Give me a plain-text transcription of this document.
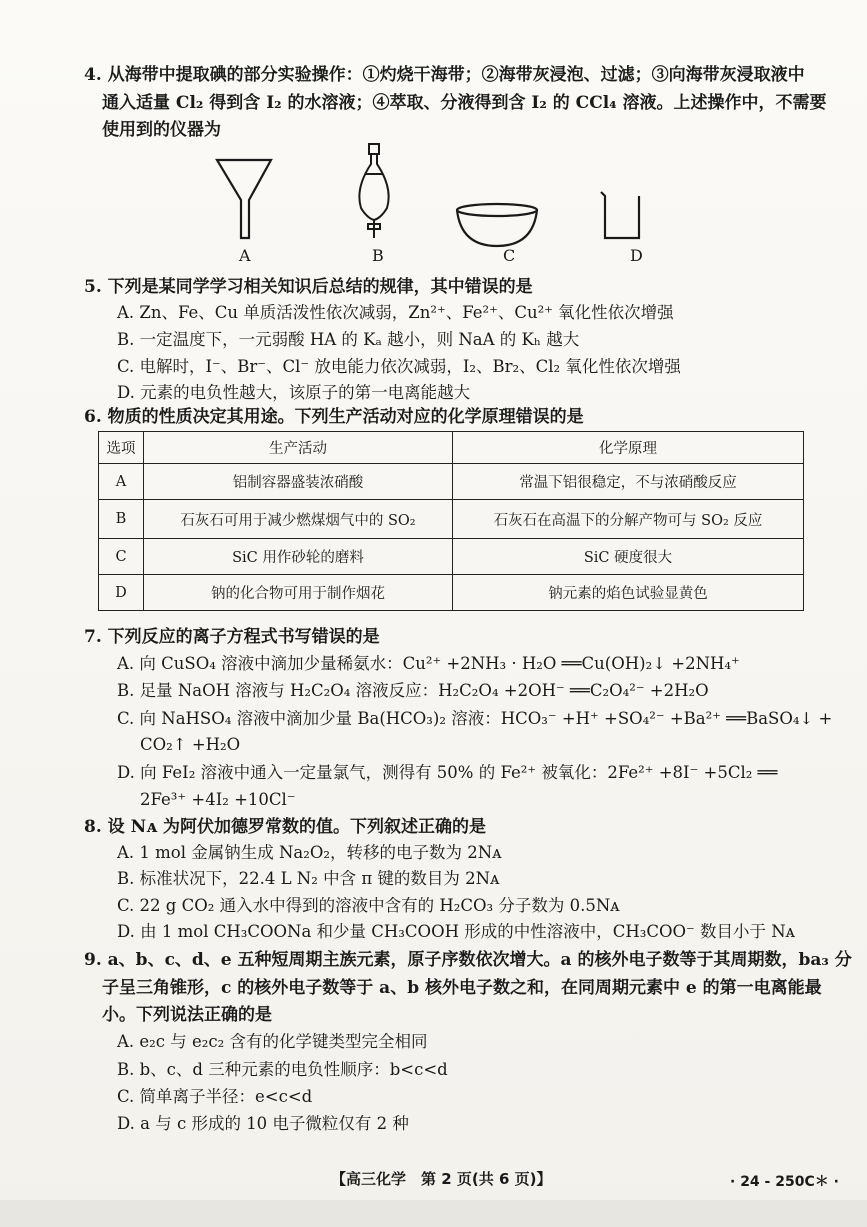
4. 从海带中提取碘的部分实验操作：①灼烧干海带；②海带灰浸泡、过滤；③向海带灰浸取液中
通入适量 Cl₂ 得到含 I₂ 的水溶液；④萃取、分液得到含 I₂ 的 CCl₄ 溶液。上述操作中，不需要
使用到的仪器为
A	B	C	D
5. 下列是某同学学习相关知识后总结的规律，其中错误的是
A. Zn、Fe、Cu 单质活泼性依次减弱，Zn²⁺、Fe²⁺、Cu²⁺ 氧化性依次增强
B. 一定温度下，一元弱酸 HA 的 Kₐ 越小，则 NaA 的 Kₕ 越大
C. 电解时，I⁻、Br⁻、Cl⁻ 放电能力依次减弱，I₂、Br₂、Cl₂ 氧化性依次增强
D. 元素的电负性越大，该原子的第一电离能越大
6. 物质的性质决定其用途。下列生产活动对应的化学原理错误的是
选项	生产活动	化学原理
A	铝制容器盛装浓硝酸	常温下铝很稳定，不与浓硝酸反应
B	石灰石可用于减少燃煤烟气中的 SO₂	石灰石在高温下的分解产物可与 SO₂ 反应
C	SiC 用作砂轮的磨料	SiC 硬度很大
D	钠的化合物可用于制作烟花	钠元素的焰色试验显黄色
7. 下列反应的离子方程式书写错误的是
A. 向 CuSO₄ 溶液中滴加少量稀氨水：Cu²⁺ +2NH₃ · H₂O ══Cu(OH)₂↓ +2NH₄⁺
B. 足量 NaOH 溶液与 H₂C₂O₄ 溶液反应：H₂C₂O₄ +2OH⁻ ══C₂O₄²⁻ +2H₂O
C. 向 NaHSO₄ 溶液中滴加少量 Ba(HCO₃)₂ 溶液：HCO₃⁻ +H⁺ +SO₄²⁻ +Ba²⁺ ══BaSO₄↓ +
CO₂↑ +H₂O
D. 向 FeI₂ 溶液中通入一定量氯气，测得有 50% 的 Fe²⁺ 被氧化：2Fe²⁺ +8I⁻ +5Cl₂ ══
2Fe³⁺ +4I₂ +10Cl⁻
8. 设 Nᴀ 为阿伏加德罗常数的值。下列叙述正确的是
A. 1 mol 金属钠生成 Na₂O₂，转移的电子数为 2Nᴀ
B. 标准状况下，22.4 L N₂ 中含 π 键的数目为 2Nᴀ
C. 22 g CO₂ 通入水中得到的溶液中含有的 H₂CO₃ 分子数为 0.5Nᴀ
D. 由 1 mol CH₃COONa 和少量 CH₃COOH 形成的中性溶液中，CH₃COO⁻ 数目小于 Nᴀ
9. a、b、c、d、e 五种短周期主族元素，原子序数依次增大。a 的核外电子数等于其周期数，ba₃ 分
子呈三角锥形，c 的核外电子数等于 a、b 核外电子数之和，在同周期元素中 e 的第一电离能最
小。下列说法正确的是
A. e₂c 与 e₂c₂ 含有的化学键类型完全相同
B. b、c、d 三种元素的电负性顺序：b<c<d
C. 简单离子半径：e<c<d
D. a 与 c 形成的 10 电子微粒仅有 2 种
【高三化学　第 2 页(共 6 页)】	· 24 - 250C＊ ·
